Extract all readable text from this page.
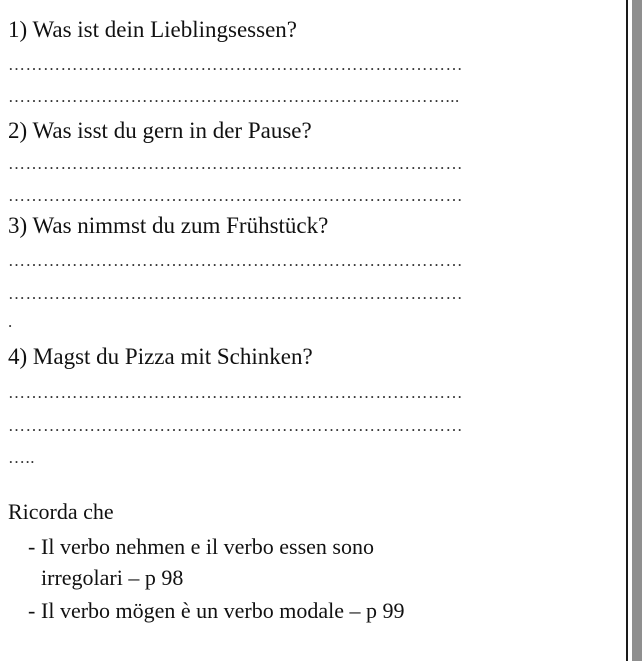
1) Was ist dein Lieblingsessen?

……………………………………………………………………

…………………………………………………………………...

2) Was isst du gern in der Pause?

……………………………………………………………………

……………………………………………………………………

3) Was nimmst du zum Frühstück?

……………………………………………………………………

……………………………………………………………………

.

4) Magst du Pizza mit Schinken?

……………………………………………………………………

……………………………………………………………………

…..

Ricorda che

- Il verbo nehmen e il verbo essen sono
irregolari – p 98
- Il verbo mögen è un verbo modale – p 99
